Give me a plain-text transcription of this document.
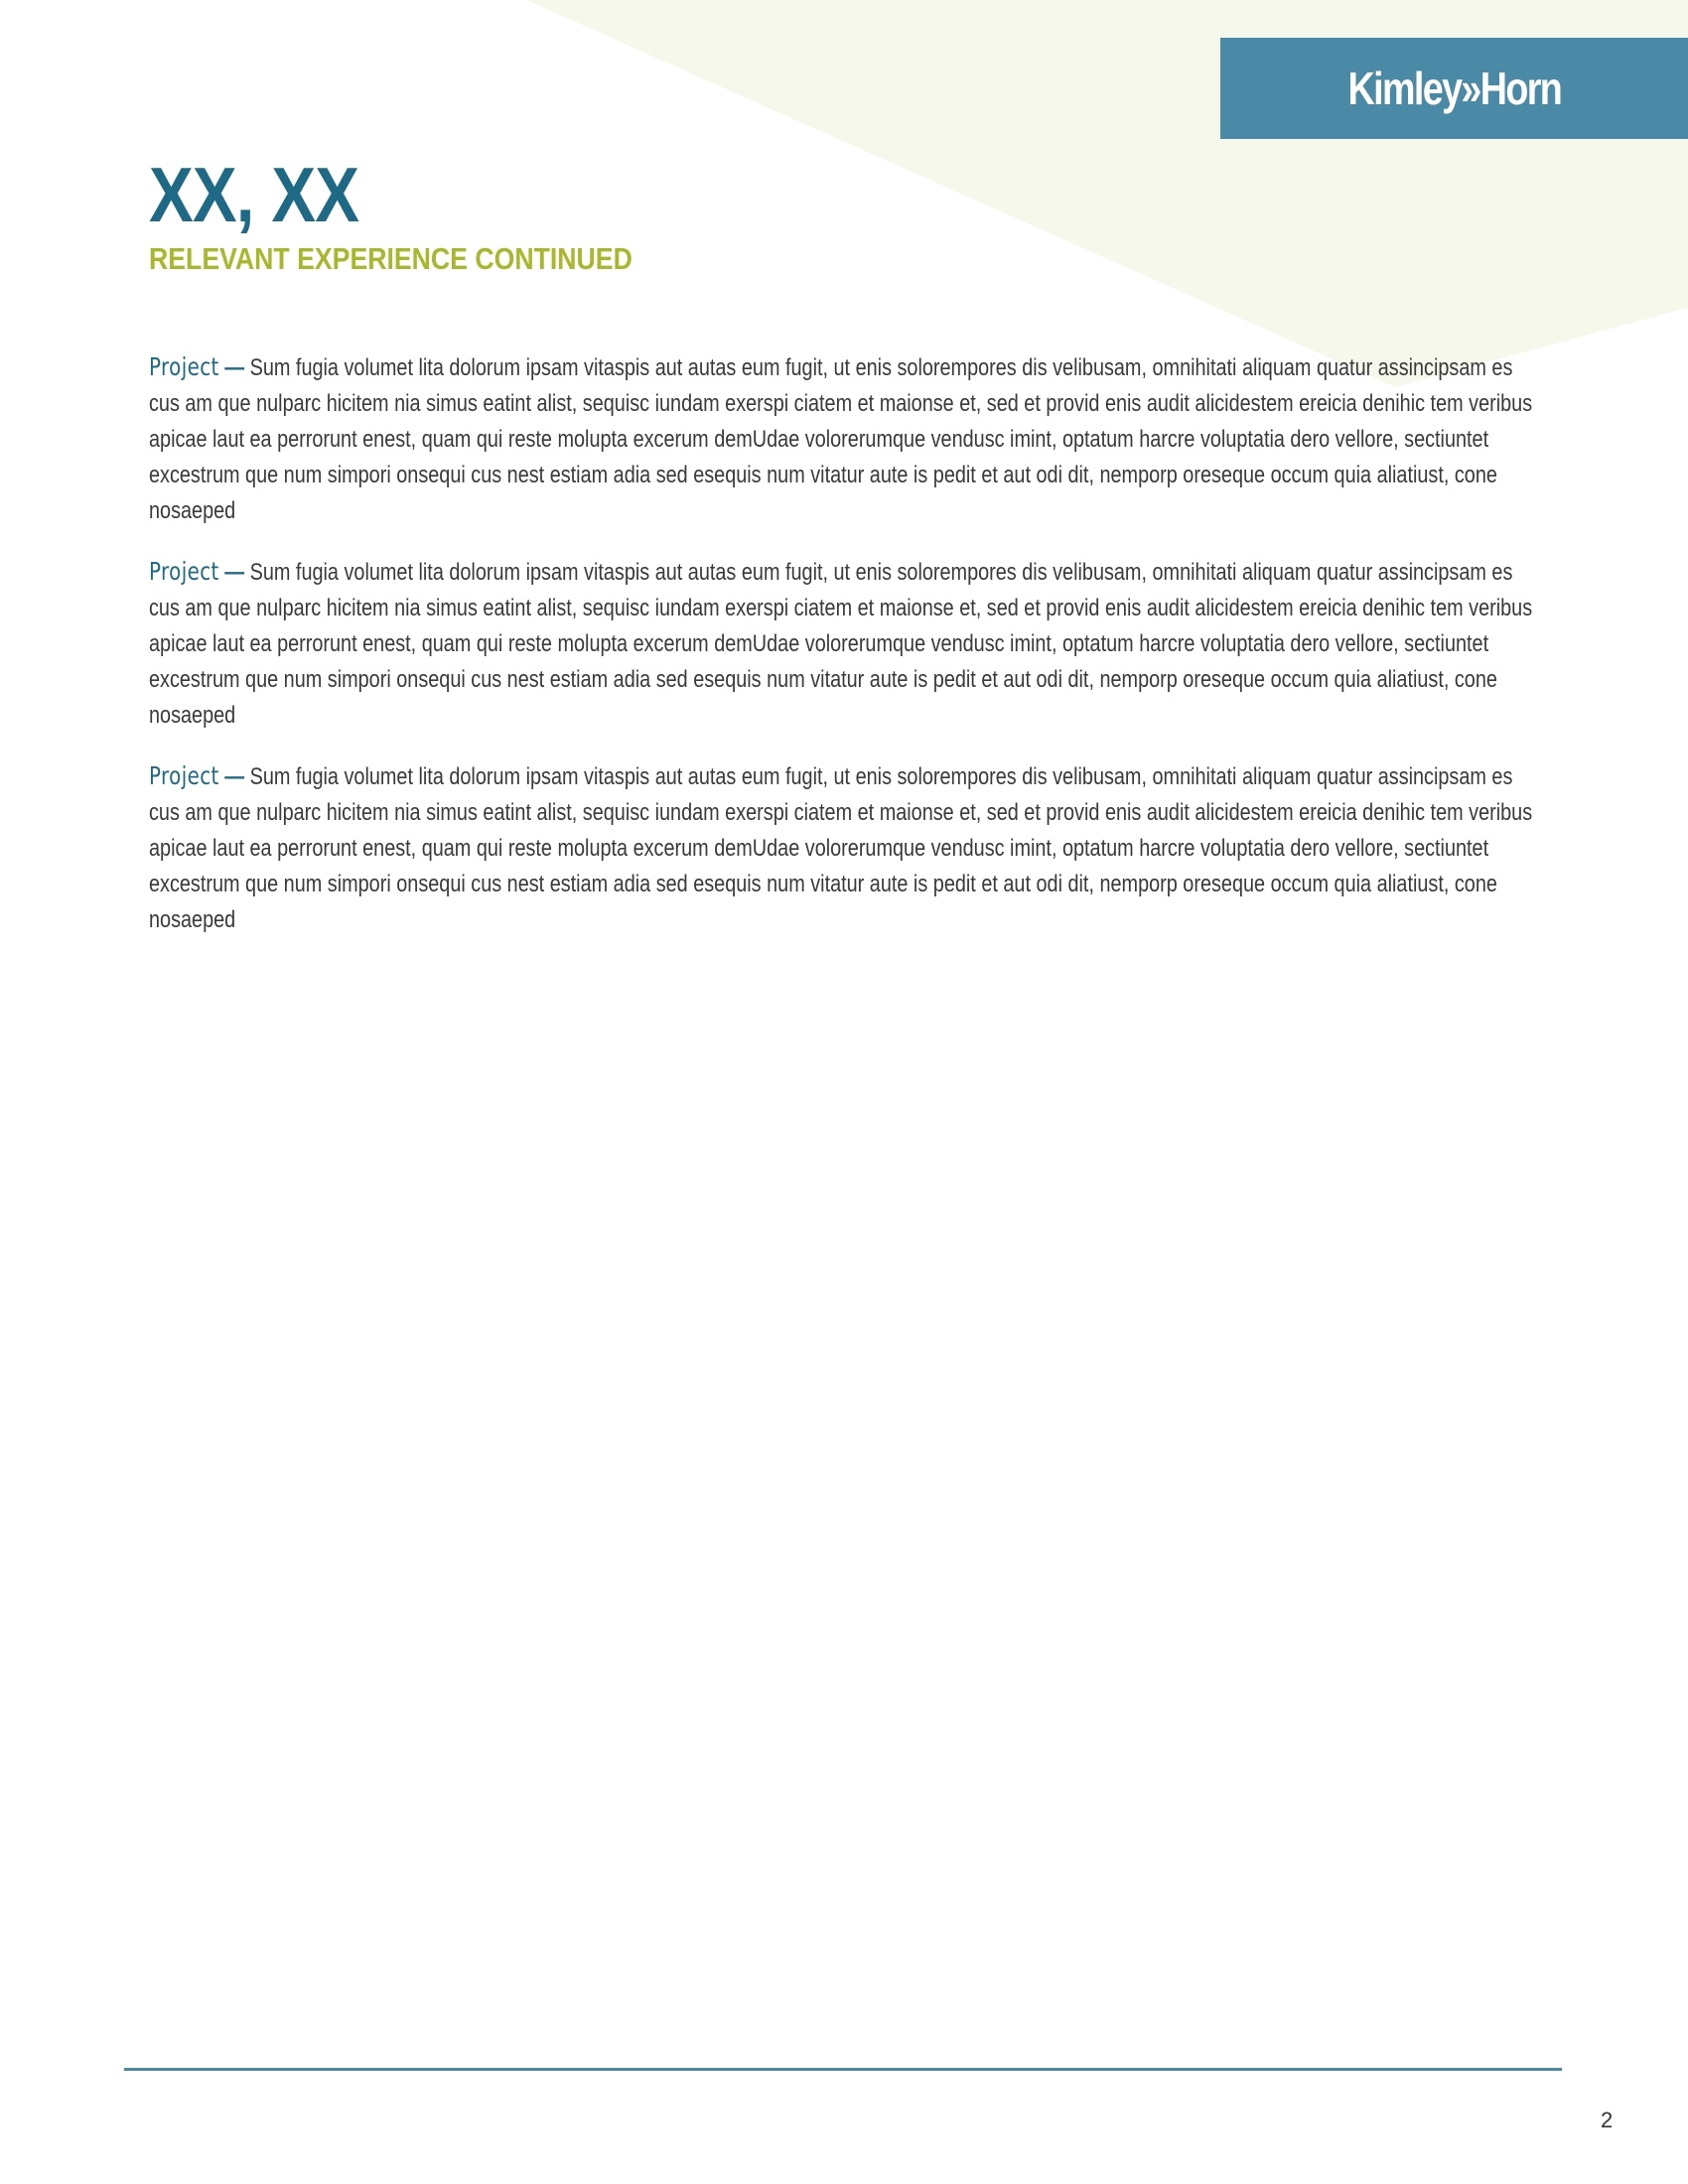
Kimley»Horn
XX, XX
RELEVANT EXPERIENCE CONTINUED

Project — Sum fugia volumet lita dolorum ipsam vitaspis aut autas eum fugit, ut enis solorempores dis velibusam, omnihitati aliquam quatur assincipsam es cus am que nulparc hicitem nia simus eatint alist, sequisc iundam exerspi ciatem et maionse et, sed et provid enis audit alicidestem ereicia denihic tem veribus apicae laut ea perrorunt enest, quam qui reste molupta excerum demUdae volorerumque vendusc imint, optatum harcre voluptatia dero vellore, sectiuntet excestrum que num simpori onsequi cus nest estiam adia sed esequis num vitatur aute is pedit et aut odi dit, nemporp oreseque occum quia aliatiust, cone nosaeped

Project — Sum fugia volumet lita dolorum ipsam vitaspis aut autas eum fugit, ut enis solorempores dis velibusam, omnihitati aliquam quatur assincipsam es cus am que nulparc hicitem nia simus eatint alist, sequisc iundam exerspi ciatem et maionse et, sed et provid enis audit alicidestem ereicia denihic tem veribus apicae laut ea perrorunt enest, quam qui reste molupta excerum demUdae volorerumque vendusc imint, optatum harcre voluptatia dero vellore, sectiuntet excestrum que num simpori onsequi cus nest estiam adia sed esequis num vitatur aute is pedit et aut odi dit, nemporp oreseque occum quia aliatiust, cone nosaeped

Project — Sum fugia volumet lita dolorum ipsam vitaspis aut autas eum fugit, ut enis solorempores dis velibusam, omnihitati aliquam quatur assincipsam es cus am que nulparc hicitem nia simus eatint alist, sequisc iundam exerspi ciatem et maionse et, sed et provid enis audit alicidestem ereicia denihic tem veribus apicae laut ea perrorunt enest, quam qui reste molupta excerum demUdae volorerumque vendusc imint, optatum harcre voluptatia dero vellore, sectiuntet excestrum que num simpori onsequi cus nest estiam adia sed esequis num vitatur aute is pedit et aut odi dit, nemporp oreseque occum quia aliatiust, cone nosaeped

2
